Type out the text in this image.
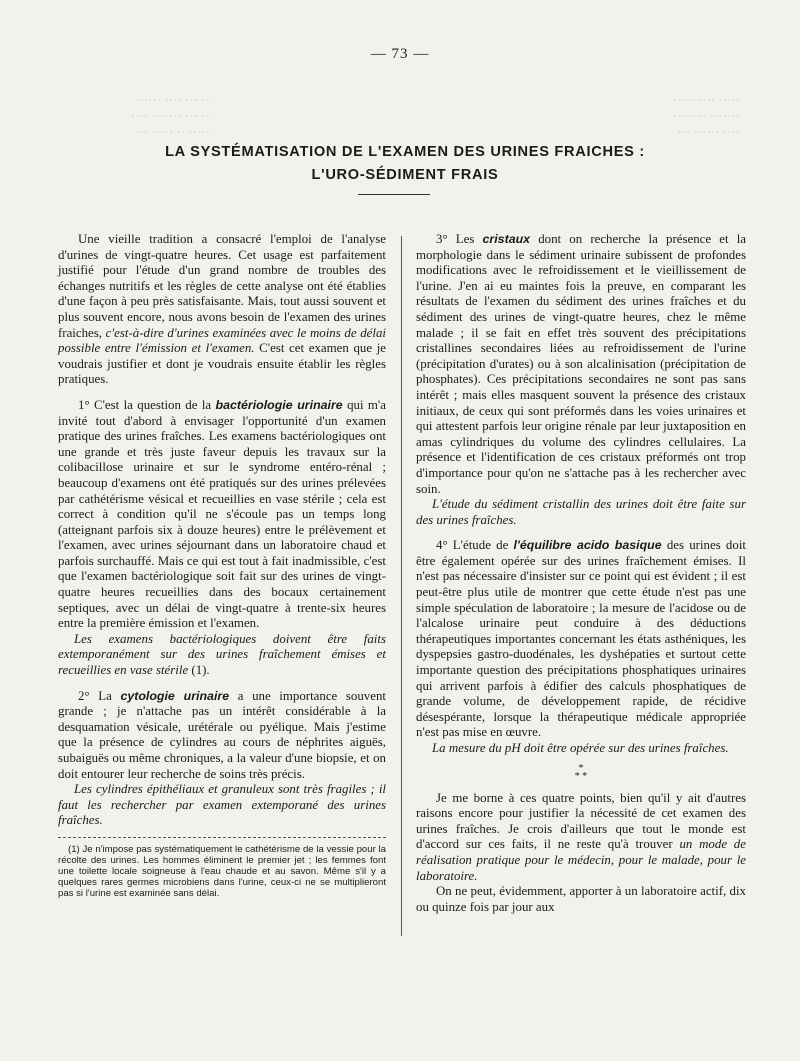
·· ··· ···· ······
·· ··· ······· ····
····· ·· ····· ···
····· ···· ·····
······· ·· ·····
···· ······ ···
— 73 —
LA SYSTÉMATISATION DE L'EXAMEN DES URINES FRAICHES :
L'URO-SÉDIMENT FRAIS

Une vieille tradition a consacré l'emploi de l'analyse d'urines de vingt-quatre heures. Cet usage est parfaitement justifié pour l'étude d'un grand nombre de troubles des échanges nutritifs et les règles de cette analyse ont été établies d'une façon à peu près satisfaisante. Mais, tout aussi souvent et plus souvent encore, nous avons besoin de l'examen des urines fraiches, c'est-à-dire d'urines examinées avec le moins de délai possible entre l'émission et l'examen. C'est cet examen que je voudrais justifier et dont je voudrais ensuite établir les règles pratiques.

1° C'est la question de la bactériologie urinaire qui m'a invité tout d'abord à envisager l'opportunité d'un examen pratique des urines fraîches. Les examens bactériologiques ont une grande et très juste faveur depuis les travaux sur la colibacillose urinaire et sur le syndrome entéro-rénal ; beaucoup d'examens ont été pratiqués sur des urines prélevées par cathétérisme vésical et recueillies en vase stérile ; cela est correct à condition qu'il ne s'écoule pas un temps long (atteignant parfois six à douze heures) entre le prélèvement et l'examen, avec urines séjournant dans un laboratoire chaud et parfois surchauffé. Mais ce qui est tout à fait inadmissible, c'est que l'examen bactériologique soit fait sur des urines de vingt-quatre heures recueillies dans des bocaux certainement septiques, avec un délai de vingt-quatre à trente-six heures entre la première émission et l'examen.

Les examens bactériologiques doivent être faits extemporanément sur des urines fraîchement émises et recueillies en vase stérile (1).

2° La cytologie urinaire a une importance souvent grande ; je n'attache pas un intérêt considérable à la desquamation vésicale, urétérale ou pyélique. Mais j'estime que la présence de cylindres au cours de néphrites aiguës, subaiguës ou même chroniques, a la valeur d'une biopsie, et on doit entourer leur recherche de soins très précis.

Les cylindres épithéliaux et granuleux sont très fragiles ; il faut les rechercher par examen extemporané des urines fraîches.

(1) Je n'impose pas systématiquement le cathétérisme de la vessie pour la récolte des urines. Les hommes éliminent le premier jet ; les femmes font une toilette locale soigneuse à l'eau chaude et au savon. Même s'il y a quelques rares germes microbiens dans l'urine, ceux-ci ne se multiplieront pas si l'urine est examinée sans délai.

3° Les cristaux dont on recherche la présence et la morphologie dans le sédiment urinaire subissent de profondes modifications avec le refroidissement et le vieillissement de l'urine. J'en ai eu maintes fois la preuve, en comparant les résultats de l'examen du sédiment des urines fraîches et du sédiment des urines de vingt-quatre heures, chez le même malade ; il se fait en effet très souvent des précipitations cristallines secondaires liées au refroidissement de l'urine (précipitation d'urates) ou à son alcalinisation (précipitation de phosphates). Ces précipitations secondaires ne sont pas sans intérêt ; mais elles masquent souvent la présence des cristaux initiaux, de ceux qui sont préformés dans les voies urinaires et qui attestent parfois leur origine rénale par leur juxtaposition en amas cylindriques du volume des cylindres cellulaires. La présence et l'identification de ces cristaux préformés ont trop d'importance pour qu'on ne s'attache pas à les rechercher avec soin.

L'étude du sédiment cristallin des urines doit être faite sur des urines fraîches.

4° L'étude de l'équilibre acido basique des urines doit être également opérée sur des urines fraîchement émises. Il n'est pas nécessaire d'insister sur ce point qui est évident ; il est peut-être plus utile de montrer que cette étude n'est pas une simple spéculation de laboratoire ; la mesure de l'acidose ou de l'alcalose urinaire peut conduire à des déductions thérapeutiques importantes concernant les états asthéniques, les dyspepsies gastro-duodénales, les dyshépaties et surtout cette importante question des précipitations phosphatiques urinaires qui arrivent parfois à édifier des calculs phosphatiques de grande volume, de développement rapide, de récidive désespérante, lorsque la thérapeutique médicale appropriée n'est pas mise en œuvre.

La mesure du pH doit être opérée sur des urines fraîches.

*
* *

Je me borne à ces quatre points, bien qu'il y ait d'autres raisons encore pour justifier la nécessité de cet examen des urines fraîches. Je crois d'ailleurs que tout le monde est d'accord sur ces faits, il ne reste qu'à trouver un mode de réalisation pratique pour le médecin, pour le malade, pour le laboratoire.

On ne peut, évidemment, apporter à un laboratoire actif, dix ou quinze fois par jour aux
